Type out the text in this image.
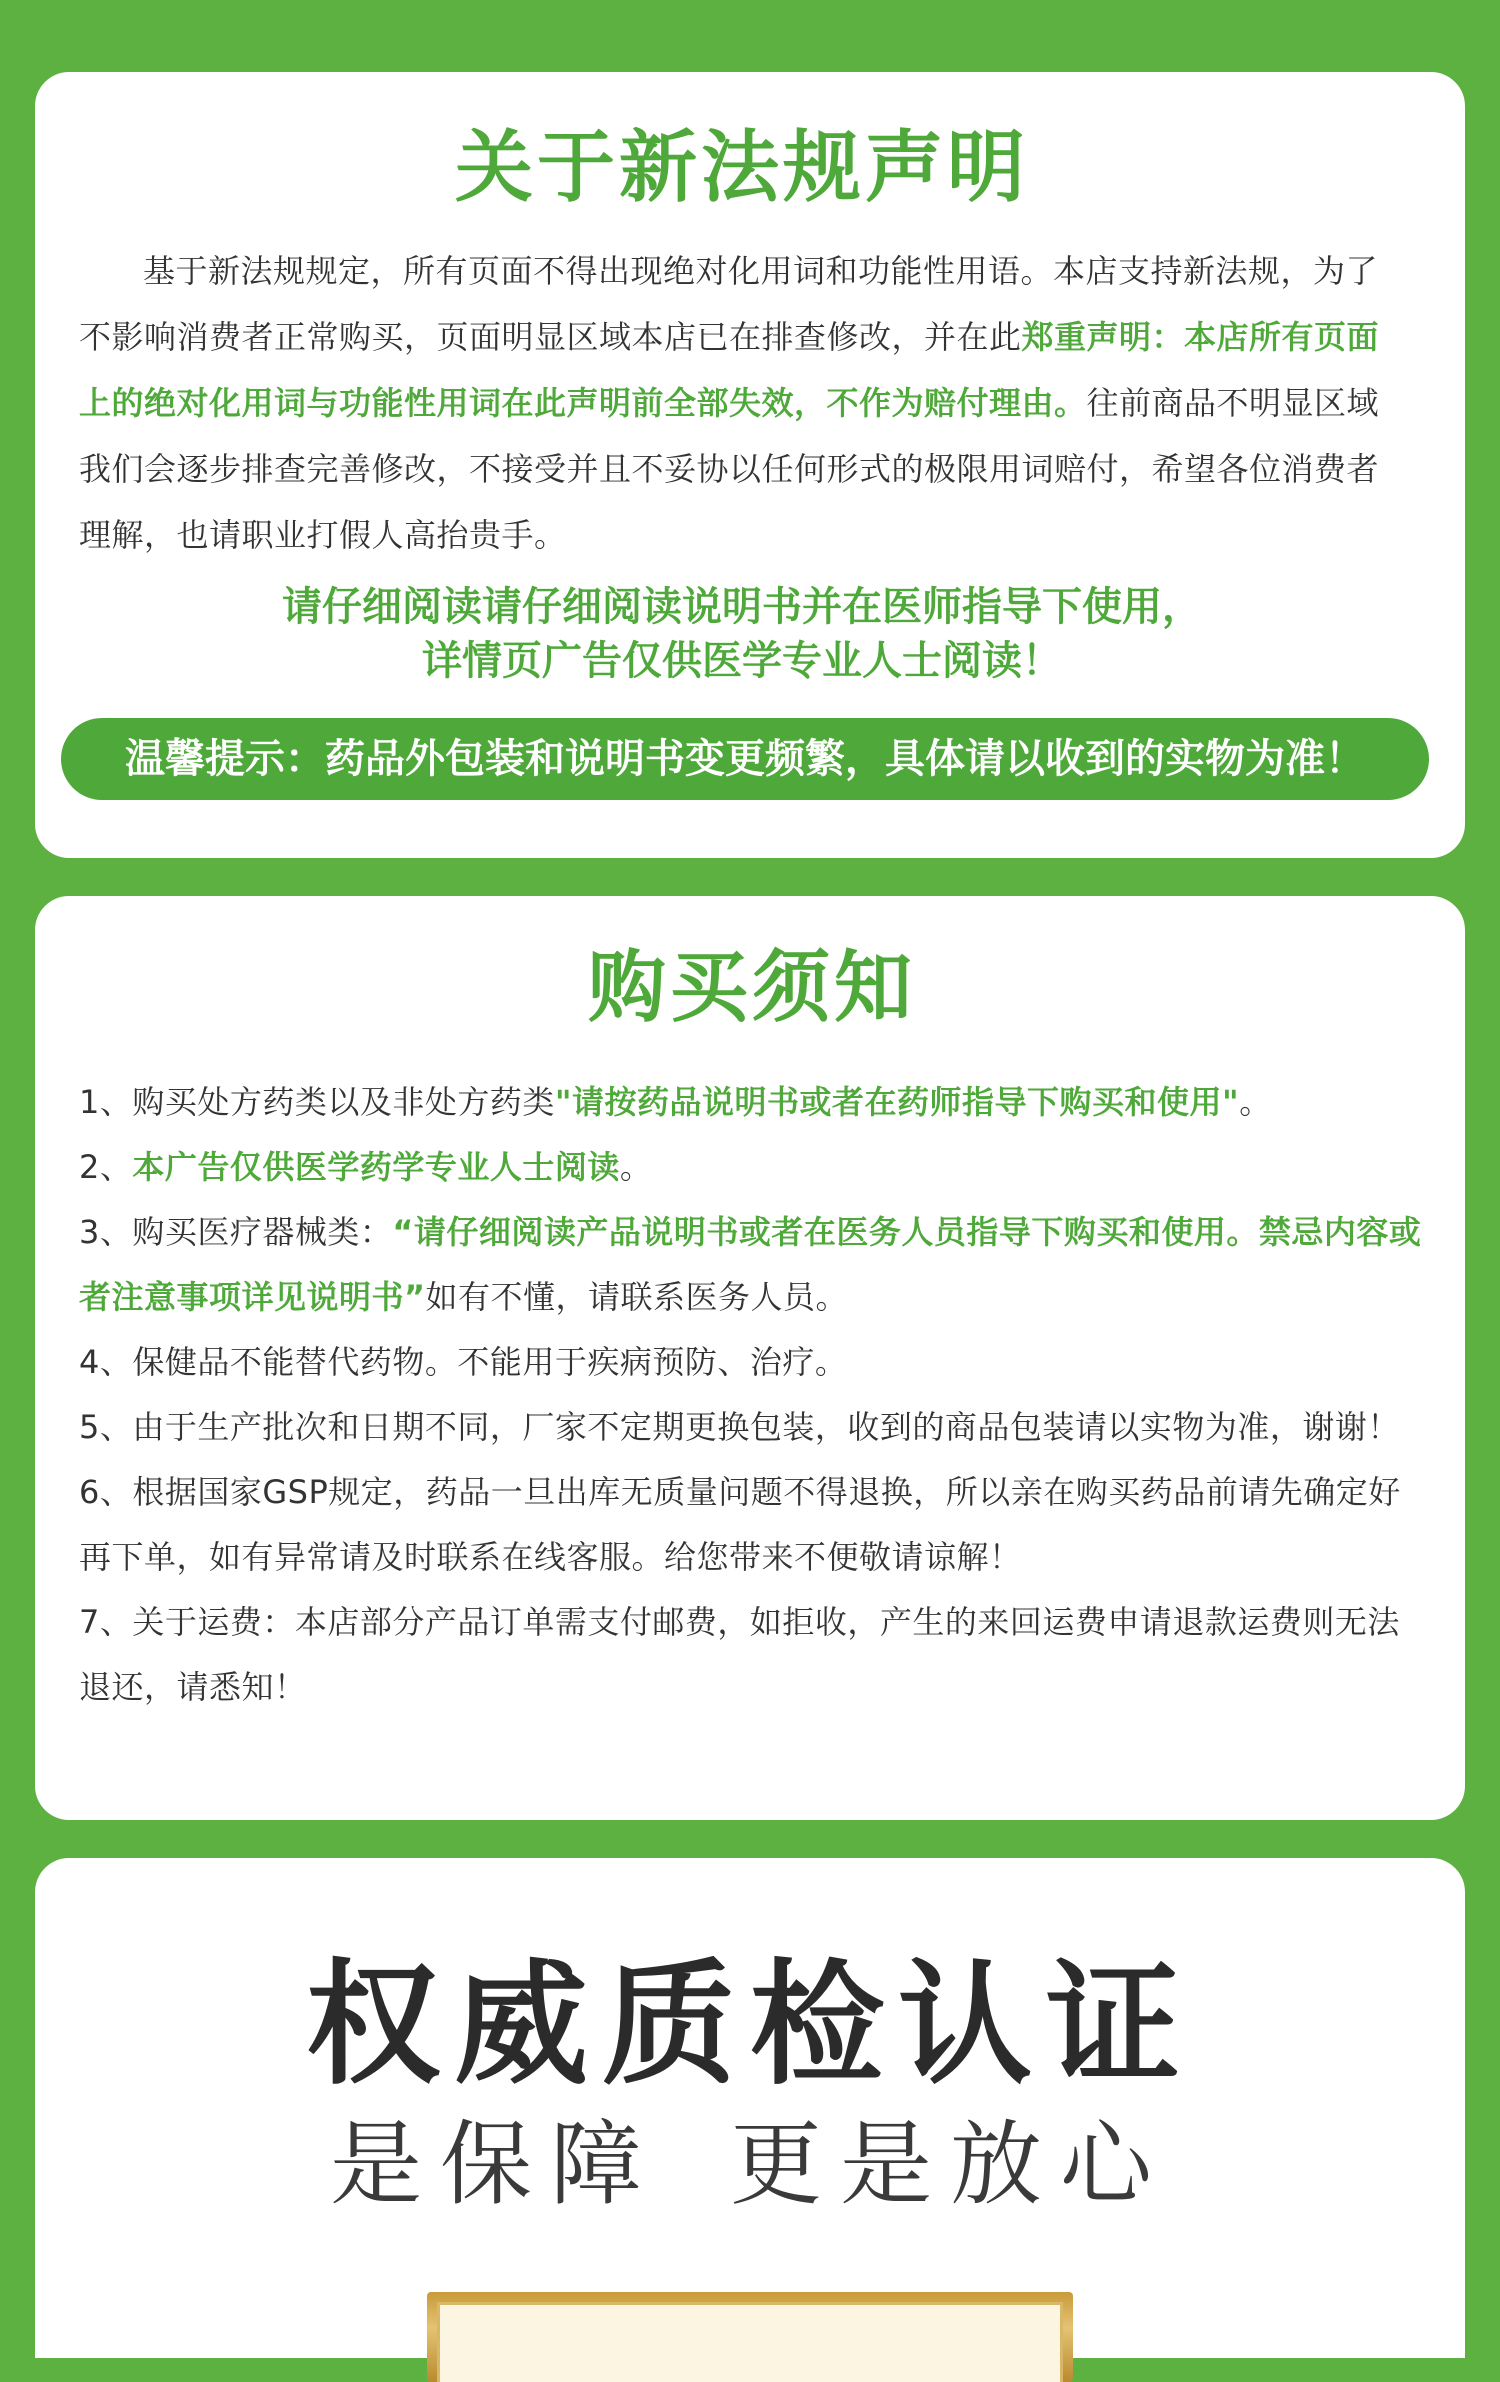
关于新法规声明

基于新法规规定，所有页面不得出现绝对化用词和功能性用语。本店支持新法规，为了不影响消费者正常购买，页面明显区域本店已在排查修改，并在此郑重声明：本店所有页面上的绝对化用词与功能性用词在此声明前全部失效，不作为赔付理由。往前商品不明显区域我们会逐步排查完善修改，不接受并且不妥协以任何形式的极限用词赔付，希望各位消费者理解，也请职业打假人高抬贵手。

请仔细阅读请仔细阅读说明书并在医师指导下使用，
详情页广告仅供医学专业人士阅读！
温馨提示：药品外包装和说明书变更频繁，具体请以收到的实物为准！
购买须知
1、购买处方药类以及非处方药类"请按药品说明书或者在药师指导下购买和使用"。
2、本广告仅供医学药学专业人士阅读。
3、购买医疗器械类：“请仔细阅读产品说明书或者在医务人员指导下购买和使用。禁忌内容或者注意事项详见说明书”如有不懂，请联系医务人员。
4、保健品不能替代药物。不能用于疾病预防、治疗。
5、由于生产批次和日期不同，厂家不定期更换包装，收到的商品包装请以实物为准，谢谢！
6、根据国家GSP规定，药品一旦出库无质量问题不得退换，所以亲在购买药品前请先确定好再下单，如有异常请及时联系在线客服。给您带来不便敬请谅解！
7、关于运费：本店部分产品订单需支付邮费，如拒收，产生的来回运费申请退款运费则无法退还，请悉知！
权威质检认证
是保障 更是放心
